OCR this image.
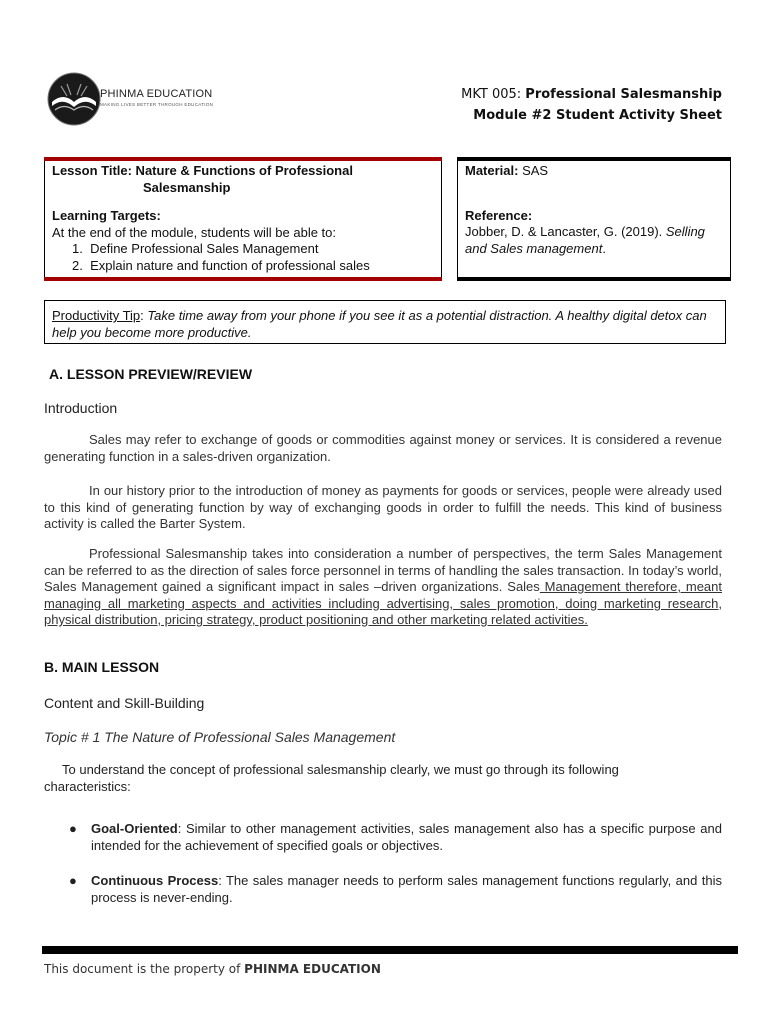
PHINMA EDUCATION
MAKING LIVES BETTER THROUGH EDUCATION
MKT 005: Professional Salesmanship
Module #2 Student Activity Sheet
Lesson Title: Nature & Functions of Professional
Salesmanship
Learning Targets:
At the end of the module, students will be able to:
1.  Define Professional Sales Management
2.  Explain nature and function of professional sales
Material: SAS
Reference:
Jobber, D. & Lancaster, G. (2019). Selling and Sales management.
Productivity Tip: Take time away from your phone if you see it as a potential distraction. A healthy digital detox can help you become more productive.
A. LESSON PREVIEW/REVIEW
Introduction
Sales may refer to exchange of goods or commodities against money or services. It is considered a revenue generating function in a sales-driven organization.
In our history prior to the introduction of money as payments for goods or services, people were already used to this kind of generating function by way of exchanging goods in order to fulfill the needs. This kind of business activity is called the Barter System.
Professional Salesmanship takes into consideration a number of perspectives, the term Sales Management can be referred to as the direction of sales force personnel in terms of handling the sales transaction. In today’s world, Sales Management gained a significant impact in sales –driven organizations. Sales Management therefore, meant managing all marketing aspects and activities including advertising, sales promotion, doing marketing research, physical distribution, pricing strategy, product positioning and other marketing related activities.
B. MAIN LESSON
Content and Skill-Building
Topic # 1 The Nature of Professional Sales Management
To understand the concept of professional salesmanship clearly, we must go through its following characteristics:
● Goal-Oriented: Similar to other management activities, sales management also has a specific purpose and intended for the achievement of specified goals or objectives.
● Continuous Process: The sales manager needs to perform sales management functions regularly, and this process is never-ending.
This document is the property of PHINMA EDUCATION
